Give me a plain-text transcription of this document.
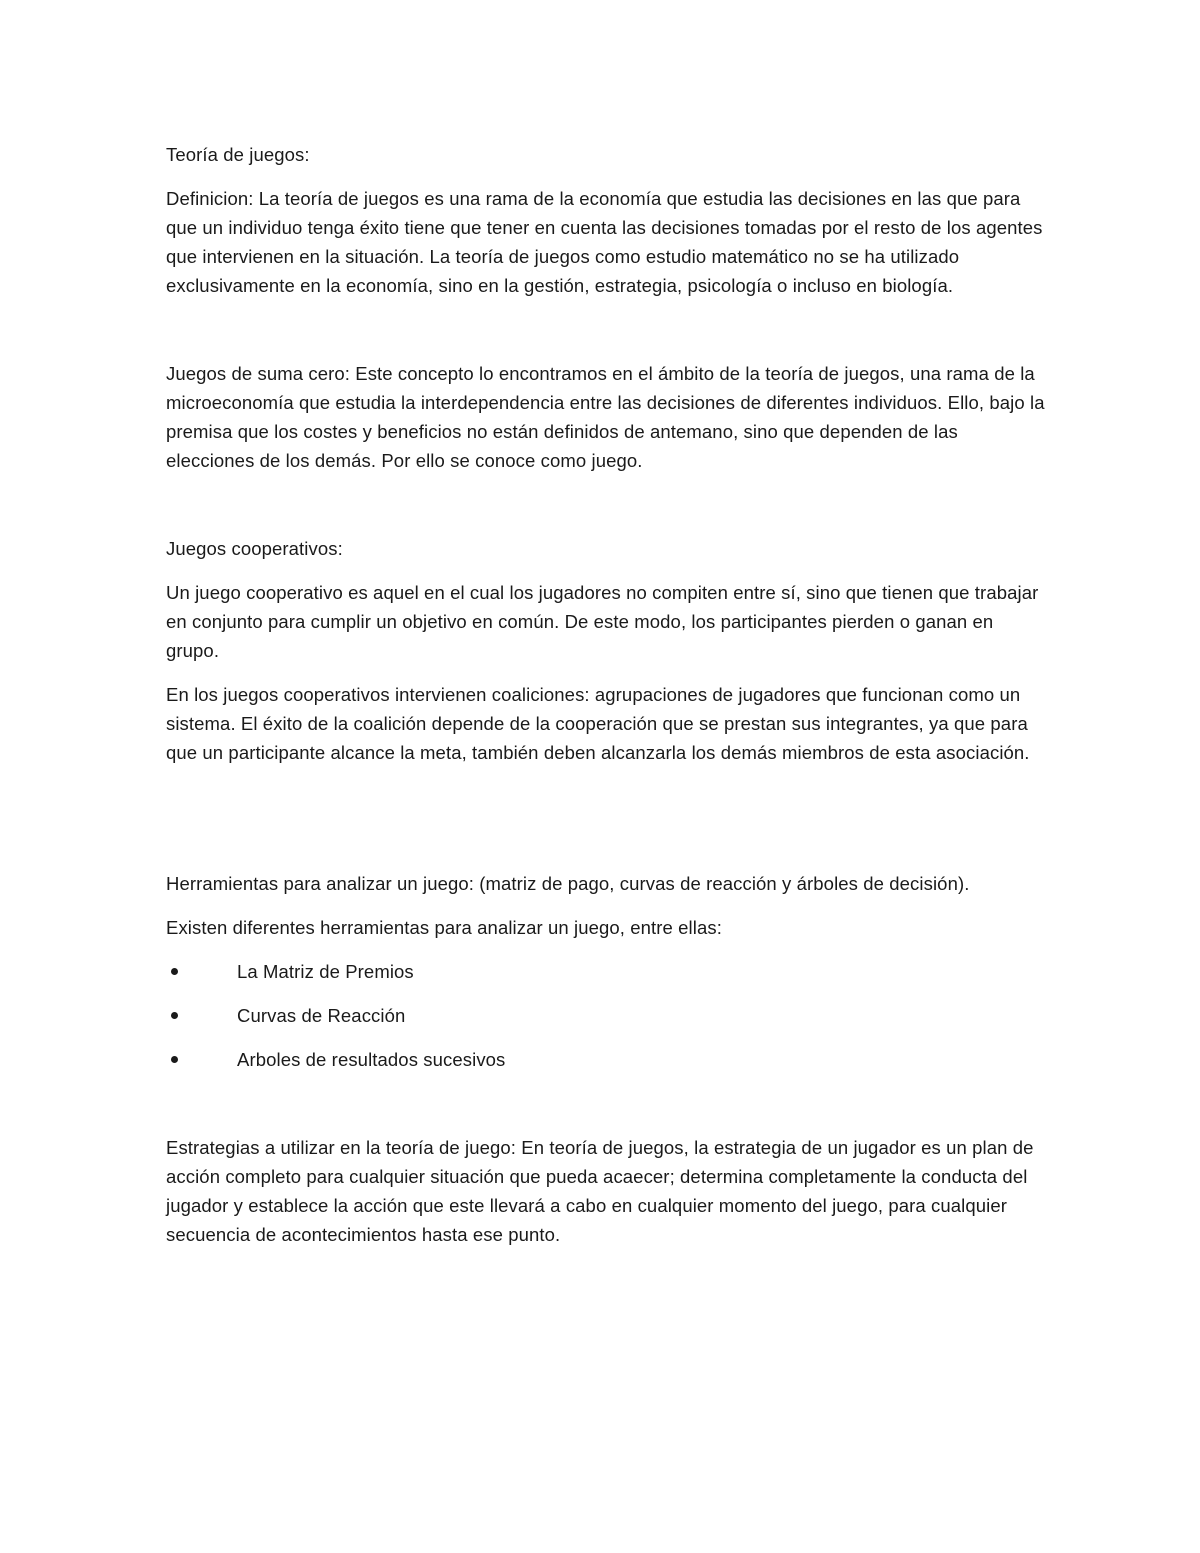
Teoría de juegos:

Definicion: La teoría de juegos es una rama de la economía que estudia las decisiones en las que para que un individuo tenga éxito tiene que tener en cuenta las decisiones tomadas por el resto de los agentes que intervienen en la situación. La teoría de juegos como estudio matemático no se ha utilizado exclusivamente en la economía, sino en la gestión, estrategia, psicología o incluso en biología.

Juegos de suma cero: Este concepto lo encontramos en el ámbito de la teoría de juegos, una rama de la microeconomía que estudia la interdependencia entre las decisiones de diferentes individuos. Ello, bajo la premisa que los costes y beneficios no están definidos de antemano, sino que dependen de las elecciones de los demás. Por ello se conoce como juego.

Juegos cooperativos:

Un juego cooperativo es aquel en el cual los jugadores no compiten entre sí, sino que tienen que trabajar en conjunto para cumplir un objetivo en común. De este modo, los participantes pierden o ganan en grupo.

En los juegos cooperativos intervienen coaliciones: agrupaciones de jugadores que funcionan como un sistema. El éxito de la coalición depende de la cooperación que se prestan sus integrantes, ya que para que un participante alcance la meta, también deben alcanzarla los demás miembros de esta asociación.

Herramientas para analizar un juego: (matriz de pago, curvas de reacción y árboles de decisión).

Existen diferentes herramientas para analizar un juego, entre ellas:

La Matriz de Premios
Curvas de Reacción
Arboles de resultados sucesivos

Estrategias a utilizar en la teoría de juego: En teoría de juegos, la estrategia de un jugador es un plan de acción completo para cualquier situación que pueda acaecer; determina completamente la conducta del jugador y establece la acción que este llevará a cabo en cualquier momento del juego, para cualquier secuencia de acontecimientos hasta ese punto.
